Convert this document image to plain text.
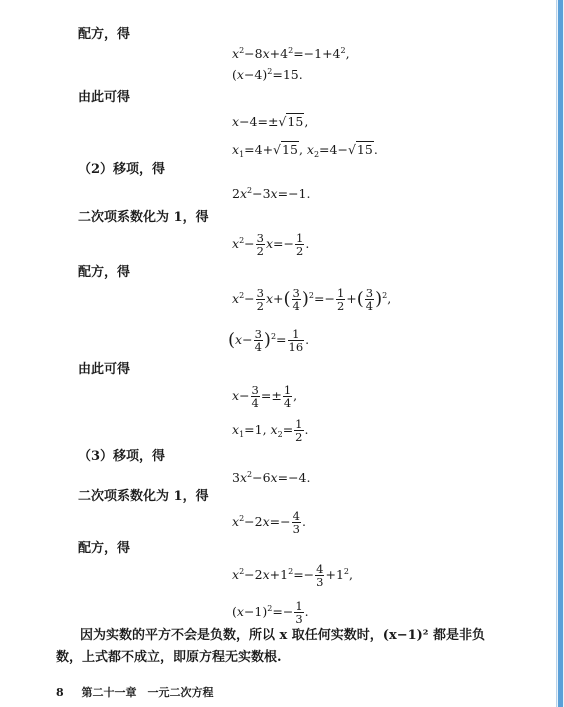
配方，得
$x^2-8x+4^2=-1+4^2$,
$(x-4)^2=15$.
由此可得
x−4=±√15,
$x_1=4+√15$, $x_2=4-√15$.
（2）移项，得
$2x^2-3x=-1$.
二次项系数化为 1，得
$x^2- \frac{3}{2} x=- \frac{1}{2}$ .
配方，得
$x^2- \frac{3}{2} x+( \frac{3}{4} )^2=- \frac{1}{2}$ +( $\frac{3}{4} )^2$,
$(x- \frac{3}{4} )^2= \frac{1}{16}$ .
由此可得
$x- \frac{3}{4} =\pm \frac{1}{4}$ ,
$x_1=1$, $x_2= \frac{1}{2}$ .
（3）移项，得
$3x^2-6x=-4$.
二次项系数化为 1，得
$x^2-2x=- \frac{4}{3}$ .
配方，得
$x^2-2x+1^2=- \frac{4}{3} +1^2$,
$(x-1)^2=- \frac{1}{3}$ .
因为实数的平方不会是负数，所以 x 取任何实数时，(x−1)² 都是非负
数，上式都不成立，即原方程无实数根.
8 第二十一章　一元二次方程
